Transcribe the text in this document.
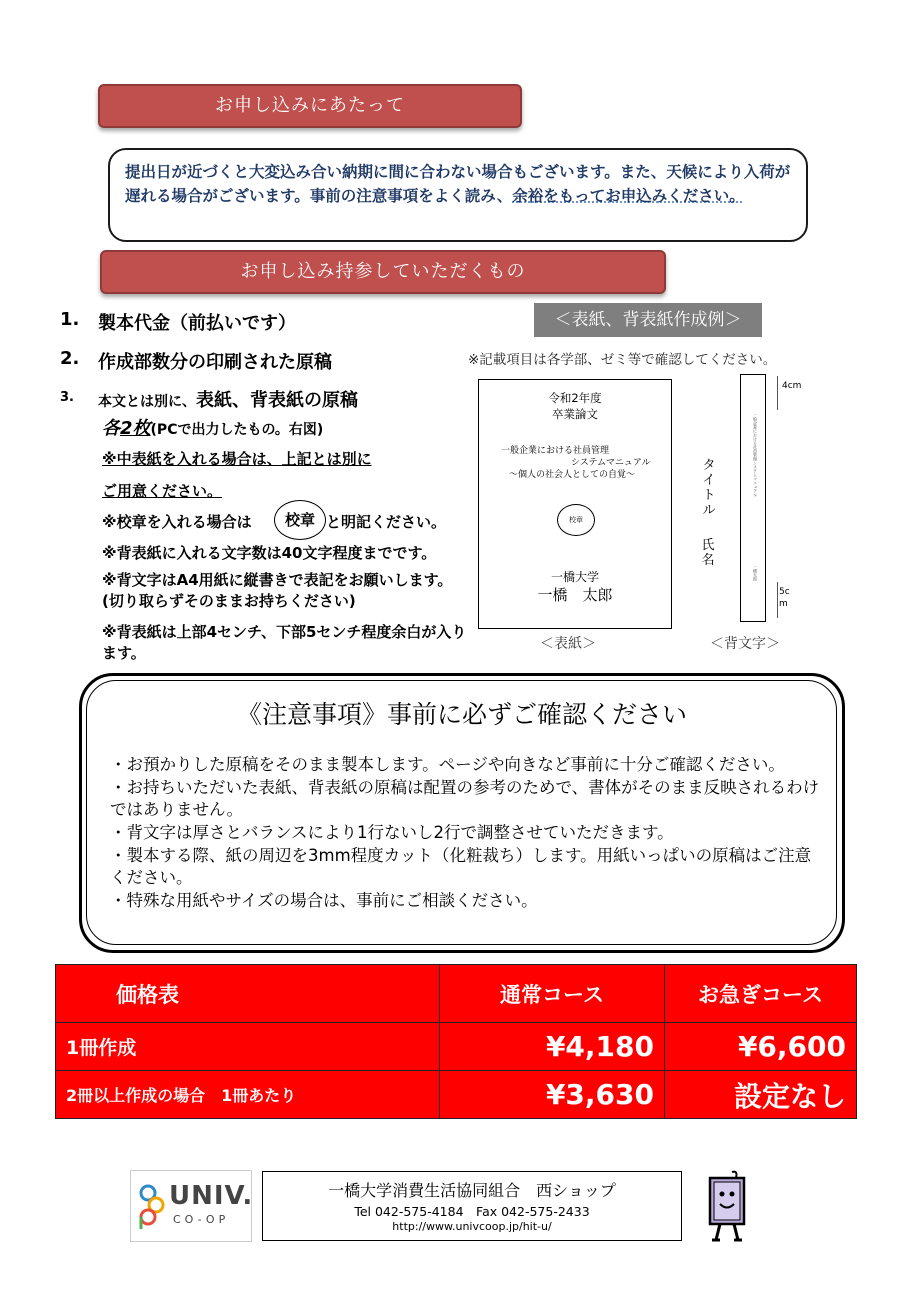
お申し込みにあたって
提出日が近づくと大変込み合い納期に間に合わない場合もございます。また、天候により入荷が遅れる場合がございます。事前の注意事項をよく読み、余裕をもってお申込みください。
お申し込み持参していただくもの
1. 製本代金（前払いです）
2. 作成部数分の印刷された原稿
3. 本文とは別に、表紙、背表紙の原稿
各2枚(PCで出力したもの。右図)
※中表紙を入れる場合は、上記とは別に
ご用意ください。
※校章を入れる場合は	校章 と明記ください。
※背表紙に入れる文字数は40文字程度までです。
※背文字はA4用紙に縦書きで表記をお願いします。(切り取らずそのままお持ちください)
※背表紙は上部4センチ、下部5センチ程度余白が入ります。
＜表紙、背表紙作成例＞
※記載項目は各学部、ゼミ等で確認してください。
令和2年度
卒業論文
一般企業における社員管理
システムマニュアル
～個人の社会人としての自覚～
校章
一橋大学
一橋　太郎
＜表紙＞
タイトル
氏名
一般企業における社員管理システムマニュアル
一橋太郎
4cm
5cm
＜背文字＞
《注意事項》事前に必ずご確認ください
・お預かりした原稿をそのまま製本します。ページや向きなど事前に十分ご確認ください。
・お持ちいただいた表紙、背表紙の原稿は配置の参考のためで、書体がそのまま反映されるわけではありません。
・背文字は厚さとバランスにより1行ないし2行で調整させていただきます。
・製本する際、紙の周辺を3mm程度カット（化粧裁ち）します。用紙いっぱいの原稿はご注意ください。
・特殊な用紙やサイズの場合は、事前にご相談ください。
価格表	通常コース	お急ぎコース
1冊作成	¥4,180	¥6,600
2冊以上作成の場合　1冊あたり	¥3,630	設定なし
UNIV.
CO-OP
一橋大学消費生活協同組合　西ショップ
Tel 042-575-4184　Fax 042-575-2433
http://www.univcoop.jp/hit-u/
